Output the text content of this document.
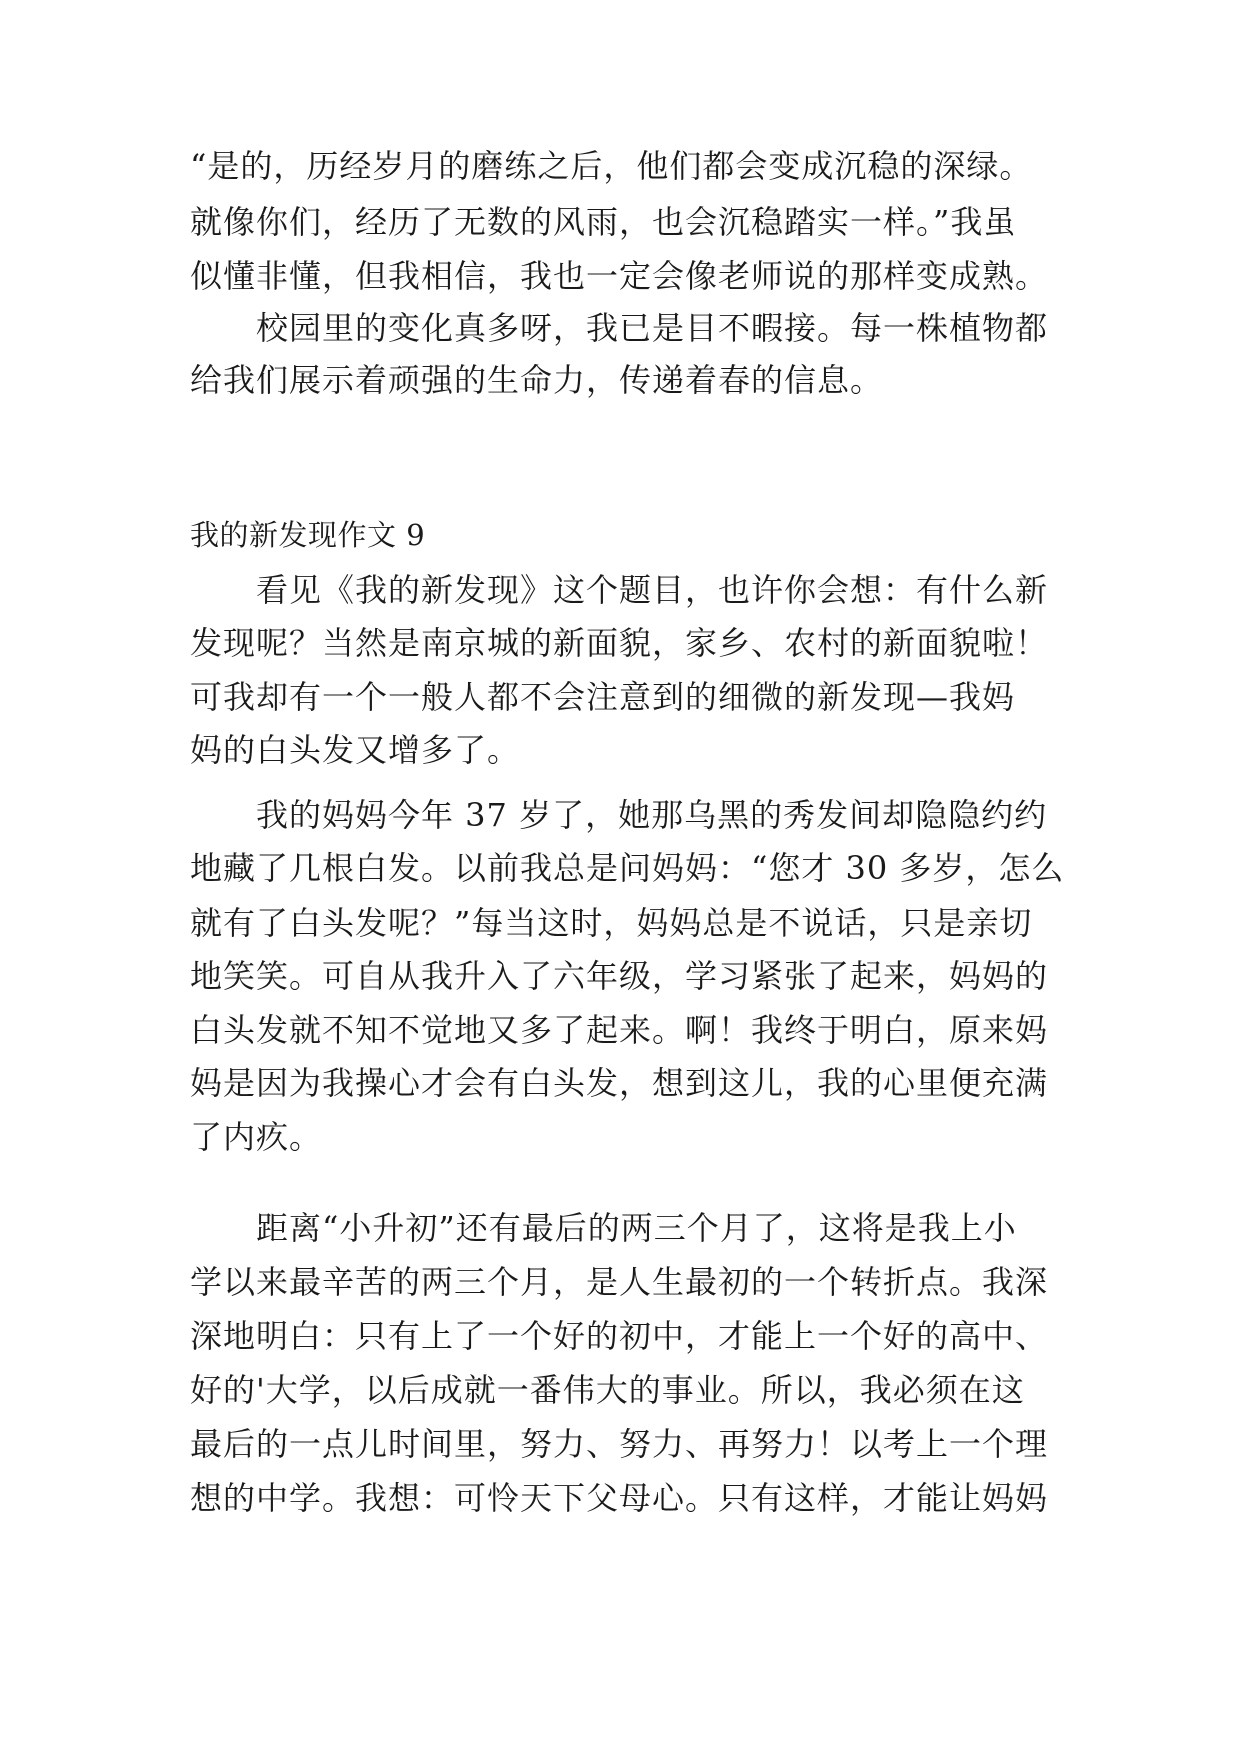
“是的，历经岁月的磨练之后，他们都会变成沉稳的深绿。
就像你们，经历了无数的风雨，也会沉稳踏实一样。”我虽
似懂非懂，但我相信，我也一定会像老师说的那样变成熟。
校园里的变化真多呀，我已是目不暇接。每一株植物都
给我们展示着顽强的生命力，传递着春的信息。
我的新发现作文 9
看见《我的新发现》这个题目，也许你会想：有什么新
发现呢？当然是南京城的新面貌，家乡、农村的新面貌啦！
可我却有一个一般人都不会注意到的细微的新发现—我妈
妈的白头发又增多了。
我的妈妈今年 37 岁了，她那乌黑的秀发间却隐隐约约
地藏了几根白发。以前我总是问妈妈：“您才 30 多岁，怎么
就有了白头发呢？”每当这时，妈妈总是不说话，只是亲切
地笑笑。可自从我升入了六年级，学习紧张了起来，妈妈的
白头发就不知不觉地又多了起来。啊！我终于明白，原来妈
妈是因为我操心才会有白头发，想到这儿，我的心里便充满
了内疚。
距离“小升初”还有最后的两三个月了，这将是我上小
学以来最辛苦的两三个月，是人生最初的一个转折点。我深
深地明白：只有上了一个好的初中，才能上一个好的高中、
好的'大学，以后成就一番伟大的事业。所以，我必须在这
最后的一点儿时间里，努力、努力、再努力！以考上一个理
想的中学。我想：可怜天下父母心。只有这样，才能让妈妈
